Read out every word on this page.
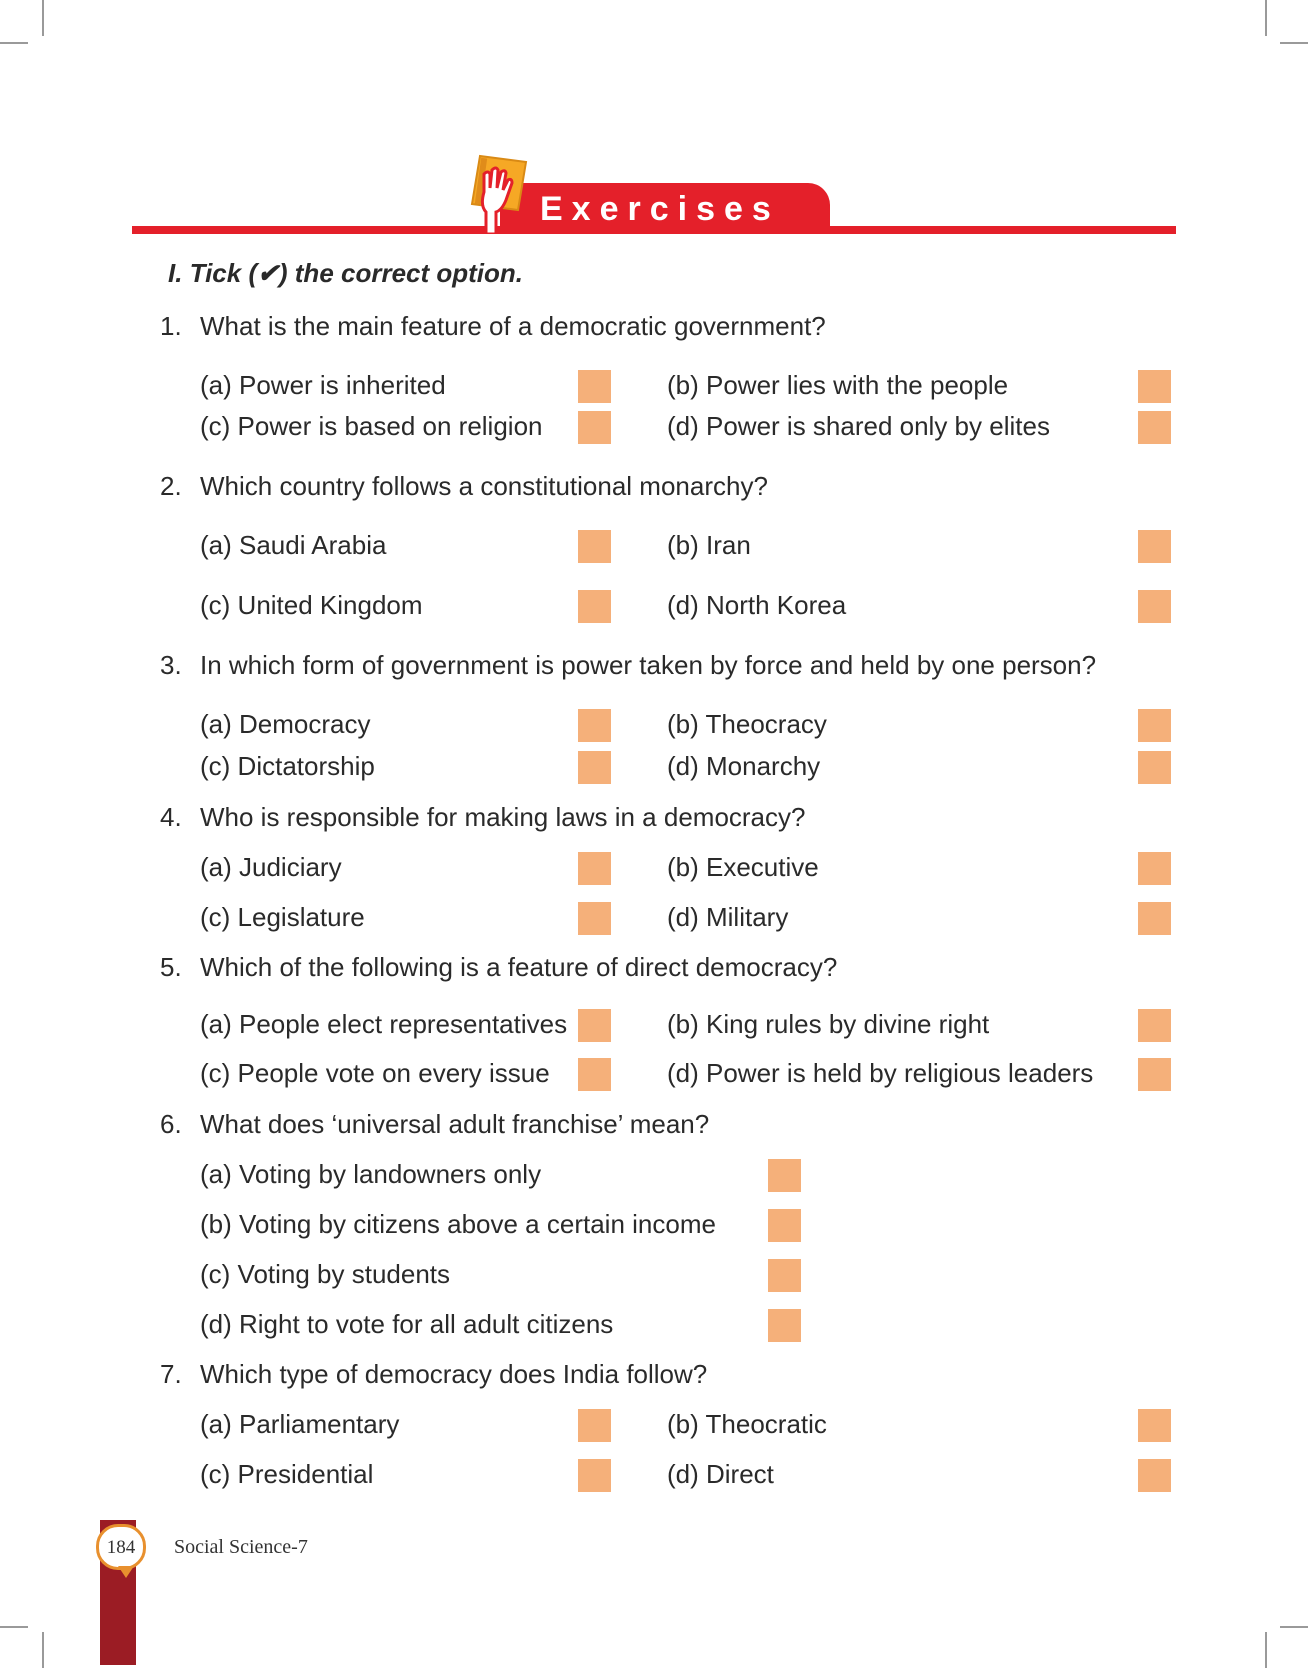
Exercises
I. Tick (✔) the correct option.
1. What is the main feature of a democratic government?
(a) Power is inherited	(b) Power lies with the people
(c) Power is based on religion	(d) Power is shared only by elites
2. Which country follows a constitutional monarchy?
(a) Saudi Arabia	(b) Iran
(c) United Kingdom	(d) North Korea
3. In which form of government is power taken by force and held by one person?
(a) Democracy	(b) Theocracy
(c) Dictatorship	(d) Monarchy
4. Who is responsible for making laws in a democracy?
(a) Judiciary	(b) Executive
(c) Legislature	(d) Military
5. Which of the following is a feature of direct democracy?
(a) People elect representatives	(b) King rules by divine right
(c) People vote on every issue	(d) Power is held by religious leaders
6. What does ‘universal adult franchise’ mean?
(a) Voting by landowners only
(b) Voting by citizens above a certain income
(c) Voting by students
(d) Right to vote for all adult citizens
7. Which type of democracy does India follow?
(a) Parliamentary	(b) Theocratic
(c) Presidential	(d) Direct
184	Social Science-7
